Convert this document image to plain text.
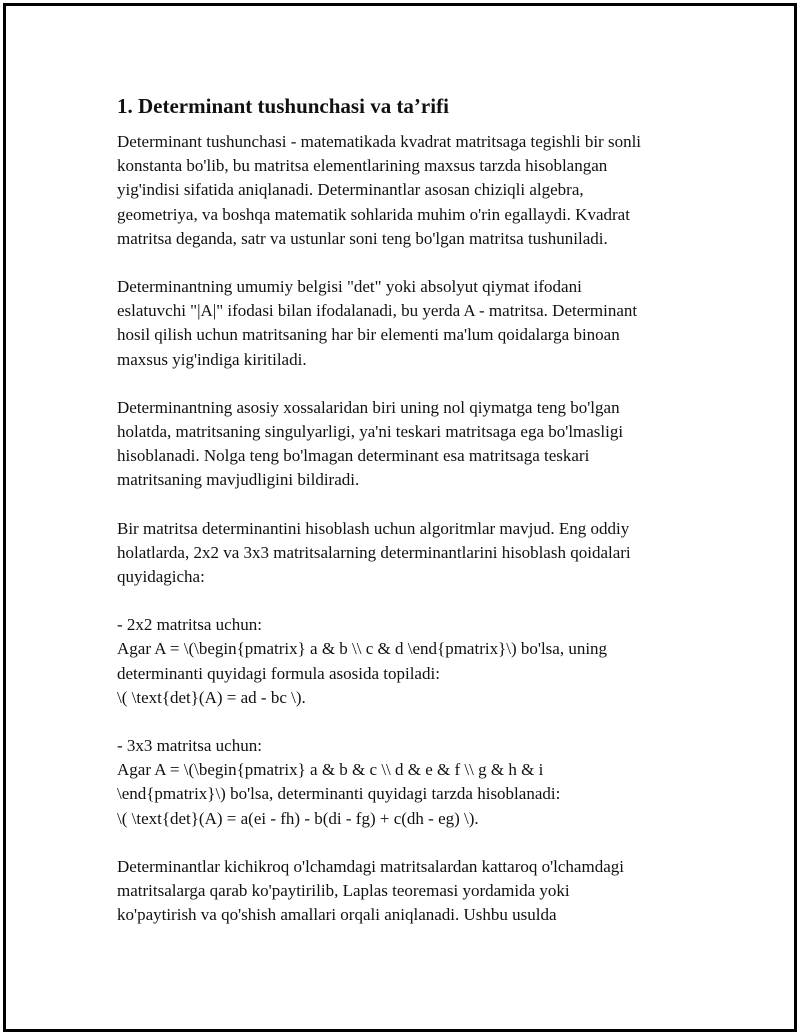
1. Determinant tushunchasi va ta’rifi

Determinant tushunchasi - matematikada kvadrat matritsaga tegishli bir sonli
konstanta bo'lib, bu matritsa elementlarining maxsus tarzda hisoblangan
yig'indisi sifatida aniqlanadi. Determinantlar asosan chiziqli algebra,
geometriya, va boshqa matematik sohlarida muhim o'rin egallaydi. Kvadrat
matritsa deganda, satr va ustunlar soni teng bo'lgan matritsa tushuniladi.

Determinantning umumiy belgisi "det" yoki absolyut qiymat ifodani
eslatuvchi "|A|" ifodasi bilan ifodalanadi, bu yerda A - matritsa. Determinant
hosil qilish uchun matritsaning har bir elementi ma'lum qoidalarga binoan
maxsus yig'indiga kiritiladi.

Determinantning asosiy xossalaridan biri uning nol qiymatga teng bo'lgan
holatda, matritsaning singulyarligi, ya'ni teskari matritsaga ega bo'lmasligi
hisoblanadi. Nolga teng bo'lmagan determinant esa matritsaga teskari
matritsaning mavjudligini bildiradi.

Bir matritsa determinantini hisoblash uchun algoritmlar mavjud. Eng oddiy
holatlarda, 2x2 va 3x3 matritsalarning determinantlarini hisoblash qoidalari
quyidagicha:

- 2x2 matritsa uchun:
Agar A = \(\begin{pmatrix} a & b \\ c & d \end{pmatrix}\) bo'lsa, uning
determinanti quyidagi formula asosida topiladi:
\( \text{det}(A) = ad - bc \).

- 3x3 matritsa uchun:
Agar A = \(\begin{pmatrix} a & b & c \\ d & e & f \\ g & h & i
\end{pmatrix}\) bo'lsa, determinanti quyidagi tarzda hisoblanadi:
\( \text{det}(A) = a(ei - fh) - b(di - fg) + c(dh - eg) \).

Determinantlar kichikroq o'lchamdagi matritsalardan kattaroq o'lchamdagi
matritsalarga qarab ko'paytirilib, Laplas teoremasi yordamida yoki
ko'paytirish va qo'shish amallari orqali aniqlanadi. Ushbu usulda
